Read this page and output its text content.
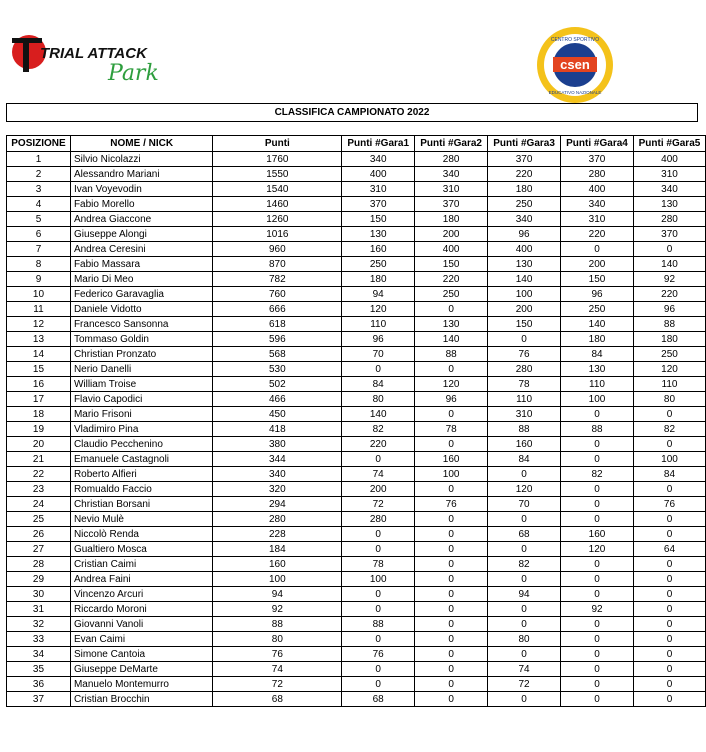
TRIAL ATTACK
Park	csen
CENTRO SPORTIVO
EDUCATIVO NAZIONALE
CLASSIFICA CAMPIONATO 2022
POSIZIONE	NOME / NICK	Punti	Punti #Gara1	Punti #Gara2	Punti #Gara3	Punti #Gara4	Punti #Gara5
1	Silvio Nicolazzi	1760	340	280	370	370	400
2	Alessandro Mariani	1550	400	340	220	280	310
3	Ivan Voyevodin	1540	310	310	180	400	340
4	Fabio Morello	1460	370	370	250	340	130
5	Andrea Giaccone	1260	150	180	340	310	280
6	Giuseppe Alongi	1016	130	200	96	220	370
7	Andrea Ceresini	960	160	400	400	0	0
8	Fabio Massara	870	250	150	130	200	140
9	Mario Di Meo	782	180	220	140	150	92
10	Federico Garavaglia	760	94	250	100	96	220
11	Daniele Vidotto	666	120	0	200	250	96
12	Francesco Sansonna	618	110	130	150	140	88
13	Tommaso Goldin	596	96	140	0	180	180
14	Christian Pronzato	568	70	88	76	84	250
15	Nerio Danelli	530	0	0	280	130	120
16	William Troise	502	84	120	78	110	110
17	Flavio Capodici	466	80	96	110	100	80
18	Mario Frisoni	450	140	0	310	0	0
19	Vladimiro Pina	418	82	78	88	88	82
20	Claudio Pecchenino	380	220	0	160	0	0
21	Emanuele Castagnoli	344	0	160	84	0	100
22	Roberto Alfieri	340	74	100	0	82	84
23	Romualdo Faccio	320	200	0	120	0	0
24	Christian Borsani	294	72	76	70	0	76
25	Nevio Mulè	280	280	0	0	0	0
26	Niccolò Renda	228	0	0	68	160	0
27	Gualtiero Mosca	184	0	0	0	120	64
28	Cristian Caimi	160	78	0	82	0	0
29	Andrea Faini	100	100	0	0	0	0
30	Vincenzo Arcuri	94	0	0	94	0	0
31	Riccardo Moroni	92	0	0	0	92	0
32	Giovanni Vanoli	88	88	0	0	0	0
33	Evan Caimi	80	0	0	80	0	0
34	Simone Cantoia	76	76	0	0	0	0
35	Giuseppe DeMarte	74	0	0	74	0	0
36	Manuelo Montemurro	72	0	0	72	0	0
37	Cristian Brocchin	68	68	0	0	0	0
